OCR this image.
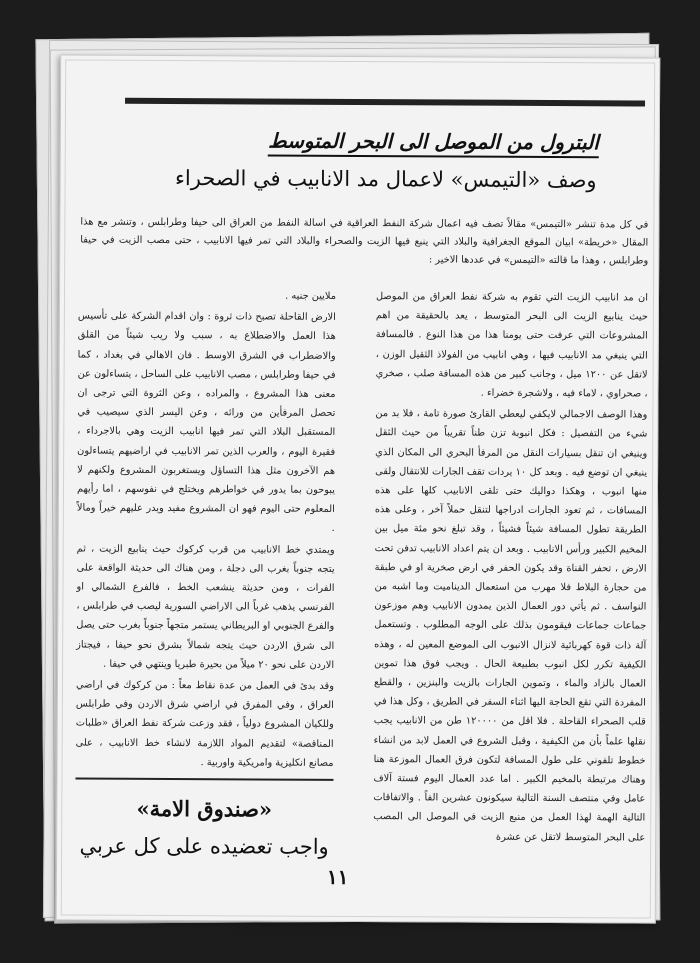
البترول من الموصل الى البحر المتوسط
وصف «التيمس» لاعمال مد الانابيب في الصحراء
في كل مدة تنشر «التيمس» مقالاً تصف فيه اعمال شركة النفط العراقية في اسالة النفط من العراق الى حيفا وطرابلس ، وتنشر مع هذا المقال «خريطة» ابيان الموقع الجغرافية والبلاد التي ينبع فيها الزيت والصحراء والبلاد التي تمر فيها الانابيب ، حتى مصب الزيت في حيفا وطرابلس ، وهذا ما قالته «التيمس» في عددها الاخير :

ان مد انابيب الزيت التي تقوم به شركة نفط العراق من الموصل حيث ينابيع الزيت الى البحر المتوسط ، يعد بالحقيقة من اهم المشروعات التي عرفت حتى يومنا هذا من هذا النوع . فالمسافة التي ينبغي مد الانابيب فيها ، وهي انابيب من الفولاذ الثقيل الوزن ، لاتقل عن ١٢٠٠ ميل ، وجانب كبير من هذه المسافة صلب ، صخري ، صحراوي ، لاماء فيه ، ولاشجرة خضراء .

وهذا الوصف الاجمالي لايكفي ليعطي القارئ صورة تامة ، فلا بد من شيء من التفصيل : فكل انبوبة تزن طناً تقريباً من حيث الثقل وينبغي ان تنقل بسيارات النقل من المرفأ البحري الى المكان الذي ينبغي ان توضع فيه . وبعد كل ١٠ يردات تقف الجارات للانتقال ولقى منها انبوب ، وهكذا دواليك حتى تلقى الانابيب كلها على هذه المسافات ، ثم تعود الجارات ادراجها لتنقل حملاً آخر ، وعلى هذه الطريقة تطول المسافة شيئاً فشيئاً ، وقد تبلغ نحو مئة ميل بين المخيم الكبير ورأس الانابيب . وبعد ان يتم اعداد الانابيب تدفن تحت الارض ، تحفر القناة وقد يكون الحفر في ارض صخرية او في طبقة من حجارة البلاط فلا مهرب من استعمال الديناميت وما اشبه من النواسف . ثم يأتي دور العمال الذين يمدون الانابيب وهم موزعون جماعات جماعات فيقومون بذلك على الوجه المطلوب . وتستعمل آلة ذات قوة كهربائية لانزال الانبوب الى الموضع المعين له ، وهذه الكيفية تكرر لكل انبوب بطبيعة الحال . ويجب فوق هذا تموين العمال بالزاد والماء ، وتموين الجارات بالزيت والبنزين ، والقطع المفردة التي تقع الحاجة اليها اثناء السفر في الطريق ، وكل هذا في قلب الصحراء القاحلة . فلا اقل من ١٢٠٠٠٠ طن من الانابيب يجب نقلها علماً بأن من الكيفية ، وقبل الشروع في العمل لابد من انشاء خطوط تلفوني على طول المسافة لتكون فرق العمال الموزعة هنا وهناك مرتبطة بالمخيم الكبير . اما عدد العمال اليوم فستة آلاف عامل وفي منتصف السنة التالية سيكونون عشرين الفاً . والاتفاقات التالية الهمة لهذا العمل من منبع الزيت في الموصل الى المصب على البحر المتوسط لاتقل عن عشرة

ملايين جنيه .

الارض القاحلة تصبح ذات ثروة : وان اقدام الشركة على تأسيس هذا العمل والاضطلاع به ، سبب ولا ريب شيئاً من القلق والاضطراب في الشرق الاوسط . فان الاهالي في بغداد ، كما في حيفا وطرابلس ، مصب الانابيب على الساحل ، يتساءلون عن معنى هذا المشروع ، والمراده ، وعن الثروة التي ترجى ان تحصل المرفأين من ورائه ، وعن اليسر الذي سيصيب في المستقبل البلاد التي تمر فيها انابيب الزيت وهي بالاجرداء ، فقيرة اليوم ، والعرب الذين تمر الانابيب في اراضيهم يتساءلون هم الآخرون مثل هذا التساؤل ويستغربون المشروع ولكنهم لا يبوحون بما يدور في خواطرهم ويختلج في نفوسهم ، اما رأيهم المعلوم حتى اليوم فهو ان المشروع مفيد ويدر عليهم خيراً ومالاً .

ويمتدي خط الانابيب من قرب كركوك حيث ينابيع الزيت ، ثم يتجه جنوباً بغرب الى دجلة ، ومن هناك الى حديثة الواقعة على الفرات ، ومن حديثة ينشعب الخط ، فالفرع الشمالي او الفرنسي يذهب غرباً الى الاراضي السورية ليصب في طرابلس ، والفرع الجنوبي او البريطاني يستمر متجهاً جنوباً بغرب حتى يصل الى شرق الاردن حيث يتجه شمالاً بشرق نحو حيفا ، فيجتاز الاردن على نحو ٢٠ ميلاً من بحيرة طبريا وينتهي في حيفا .

وقد بدئ في العمل من عدة نقاط معاً : من كركوك في اراضي العراق ، وفي المفرق في اراضي شرق الاردن وفي طرابلس وللكيان المشروع دولياً ، فقد وزعت شركة نفط العراق «طلبات المناقصة» لتقديم المواد اللازمة لانشاء خط الانابيب ، على مصانع انكليزية وامريكية واوربية .

«صندوق الامة»
واجب تعضيده على كل عربي
١١
